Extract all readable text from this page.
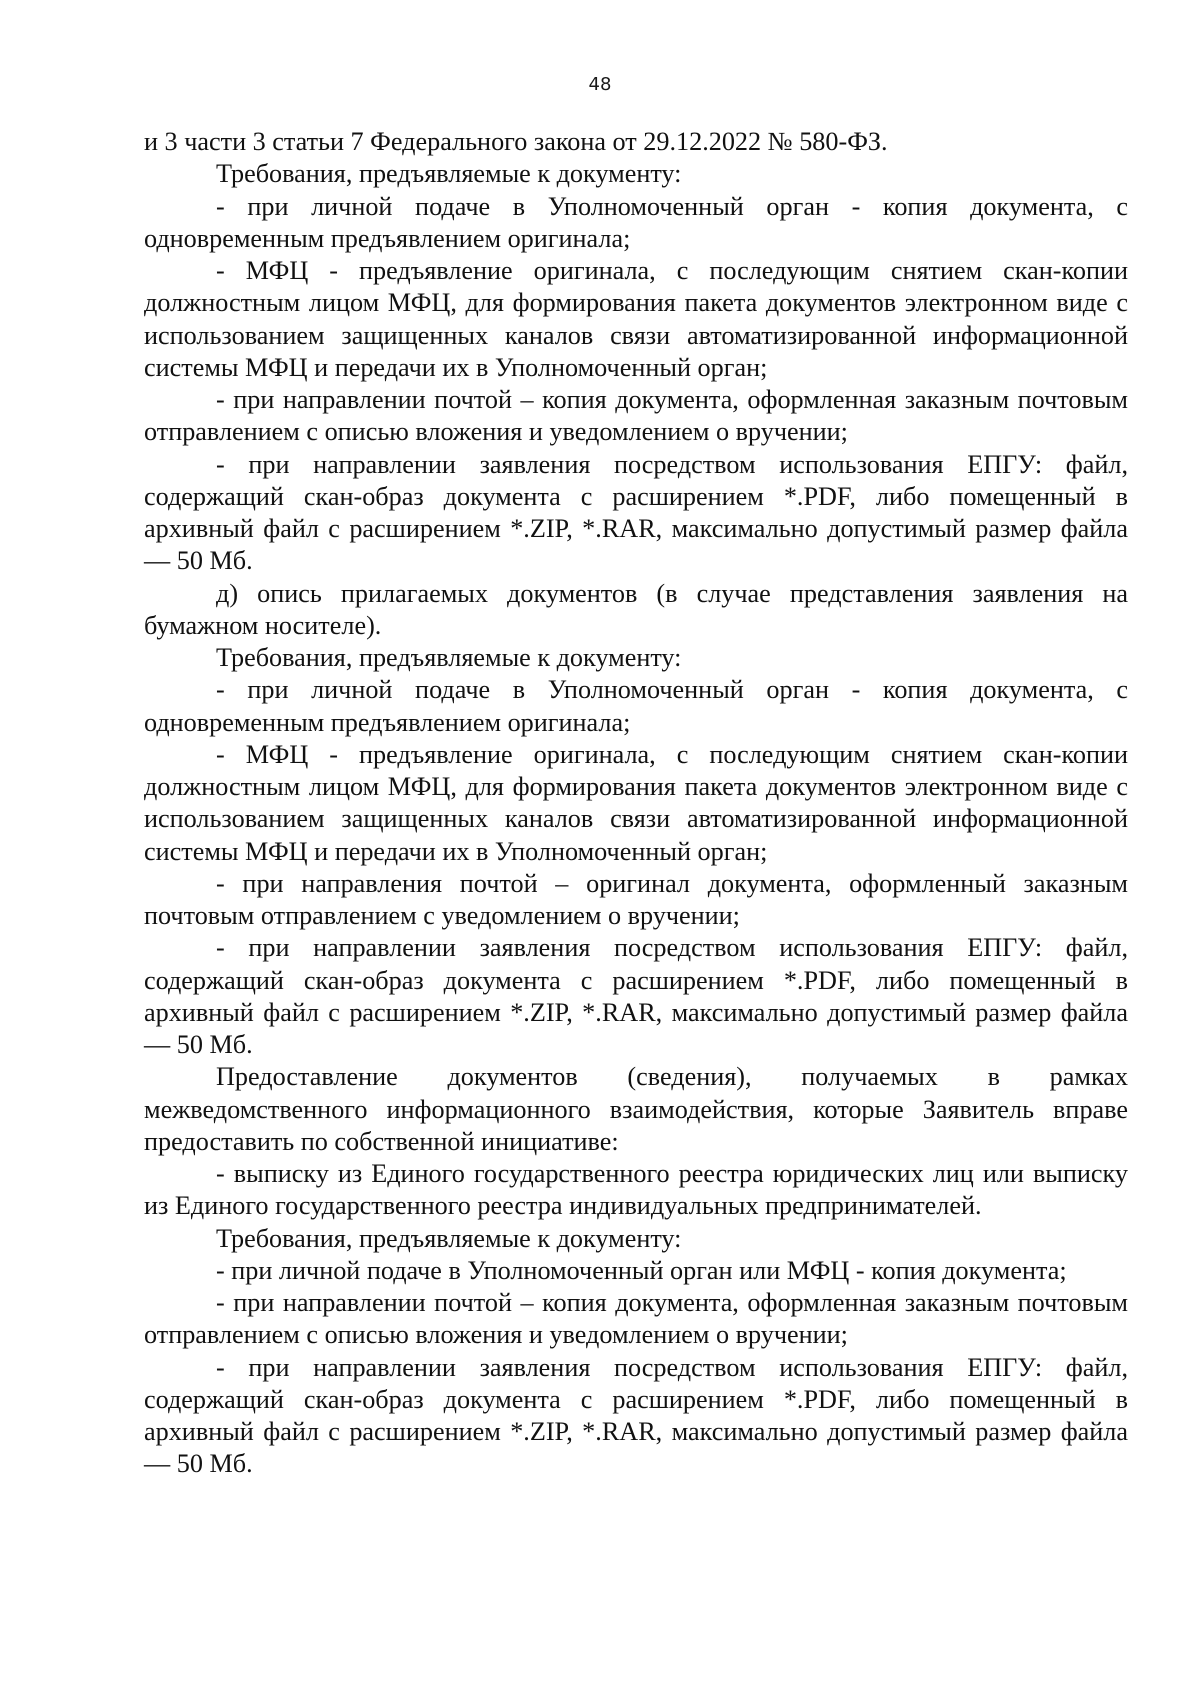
48

и 3 части 3 статьи 7 Федерального закона от 29.12.2022 № 580-ФЗ.

Требования, предъявляемые к документу:

- при личной подаче в Уполномоченный орган - копия документа, с одновременным предъявлением оригинала;

- МФЦ - предъявление оригинала, с последующим снятием скан-копии должностным лицом МФЦ, для формирования пакета документов электронном виде с использованием защищенных каналов связи автоматизированной информационной системы МФЦ и передачи их в Уполномоченный орган;

- при направлении почтой – копия документа, оформленная заказным почтовым отправлением с описью вложения и уведомлением о вручении;

- при направлении заявления посредством использования ЕПГУ: файл, содержащий скан-образ документа с расширением *.PDF, либо помещенный в архивный файл с расширением *.ZIP, *.RAR, максимально допустимый размер файла — 50 Мб.

д) опись прилагаемых документов (в случае представления заявления на бумажном носителе).

Требования, предъявляемые к документу:

- при личной подаче в Уполномоченный орган - копия документа, с одновременным предъявлением оригинала;

- МФЦ - предъявление оригинала, с последующим снятием скан-копии должностным лицом МФЦ, для формирования пакета документов электронном виде с использованием защищенных каналов связи автоматизированной информационной системы МФЦ и передачи их в Уполномоченный орган;

- при направления почтой – оригинал документа, оформленный заказным почтовым отправлением с уведомлением о вручении;

- при направлении заявления посредством использования ЕПГУ: файл, содержащий скан-образ документа с расширением *.PDF, либо помещенный в архивный файл с расширением *.ZIP, *.RAR, максимально допустимый размер файла — 50 Мб.

Предоставление документов (сведения), получаемых в рамках межведомственного информационного взаимодействия, которые Заявитель вправе предоставить по собственной инициативе:

- выписку из Единого государственного реестра юридических лиц или выписку из Единого государственного реестра индивидуальных предпринимателей.

Требования, предъявляемые к документу:

- при личной подаче в Уполномоченный орган или МФЦ - копия документа;

- при направлении почтой – копия документа, оформленная заказным почтовым отправлением с описью вложения и уведомлением о вручении;

- при направлении заявления посредством использования ЕПГУ: файл, содержащий скан-образ документа с расширением *.PDF, либо помещенный в архивный файл с расширением *.ZIP, *.RAR, максимально допустимый размер файла — 50 Мб.
